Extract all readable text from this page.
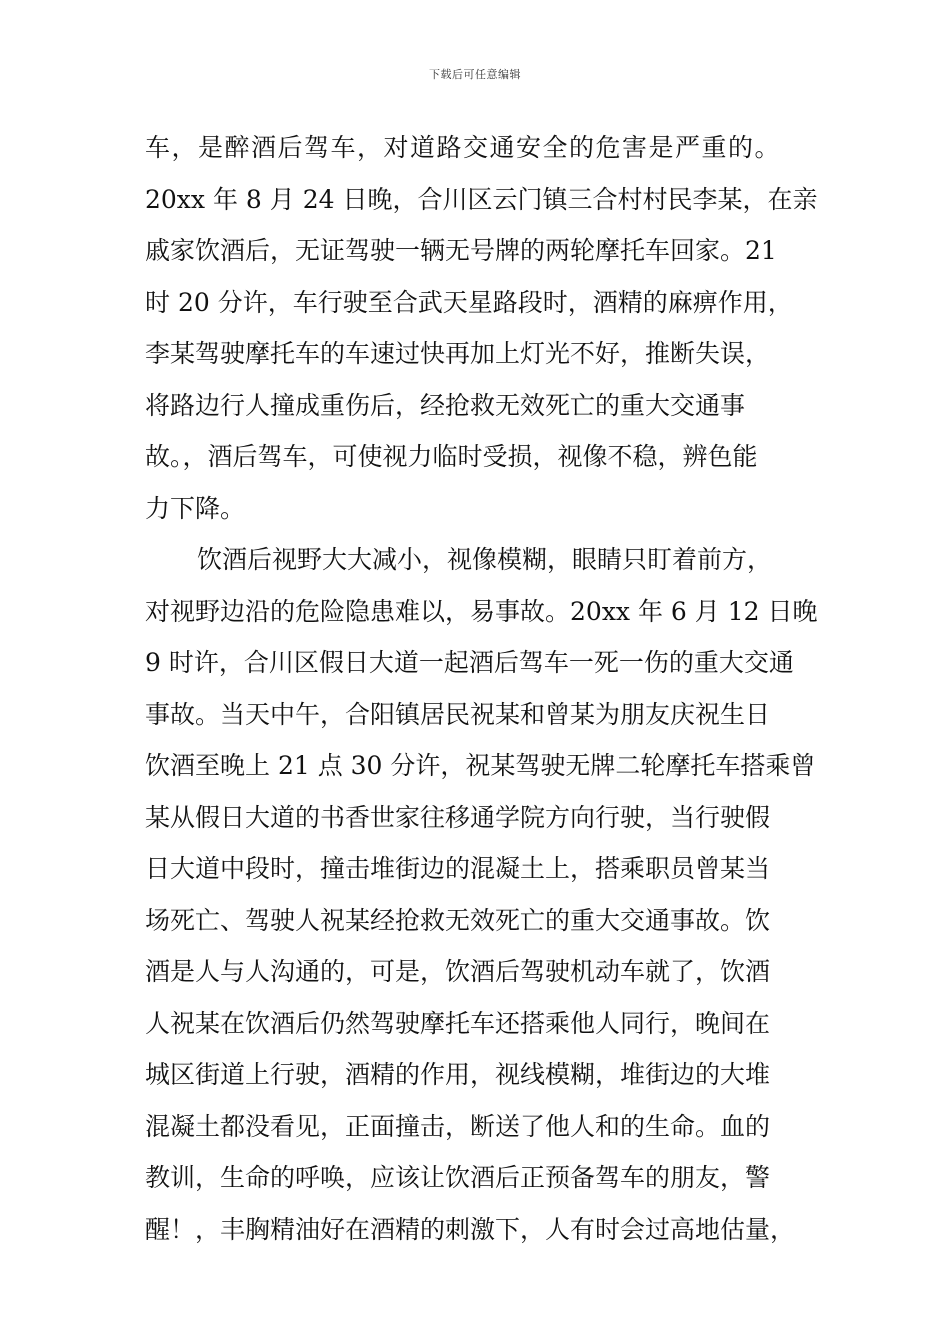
下载后可任意编辑
车，是醉酒后驾车，对道路交通安全的危害是严重的。
20xx 年 8 月 24 日晚，合川区云门镇三合村村民李某，在亲
戚家饮酒后，无证驾驶一辆无号牌的两轮摩托车回家。21
时 20 分许，车行驶至合武天星路段时，酒精的麻痹作用，
李某驾驶摩托车的车速过快再加上灯光不好，推断失误，
将路边行人撞成重伤后，经抢救无效死亡的重大交通事
故。，酒后驾车，可使视力临时受损，视像不稳，辨色能
力下降。
饮酒后视野大大减小，视像模糊，眼睛只盯着前方，
对视野边沿的危险隐患难以，易事故。20xx 年 6 月 12 日晚
9 时许，合川区假日大道一起酒后驾车一死一伤的重大交通
事故。当天中午，合阳镇居民祝某和曾某为朋友庆祝生日
饮酒至晚上 21 点 30 分许，祝某驾驶无牌二轮摩托车搭乘曾
某从假日大道的书香世家往移通学院方向行驶，当行驶假
日大道中段时，撞击堆街边的混凝土上，搭乘职员曾某当
场死亡、驾驶人祝某经抢救无效死亡的重大交通事故。饮
酒是人与人沟通的，可是，饮酒后驾驶机动车就了，饮酒
人祝某在饮酒后仍然驾驶摩托车还搭乘他人同行，晚间在
城区街道上行驶，酒精的作用，视线模糊，堆街边的大堆
混凝土都没看见，正面撞击，断送了他人和的生命。血的
教训，生命的呼唤，应该让饮酒后正预备驾车的朋友，警
醒！，丰胸精油好在酒精的刺激下，人有时会过高地估量，
